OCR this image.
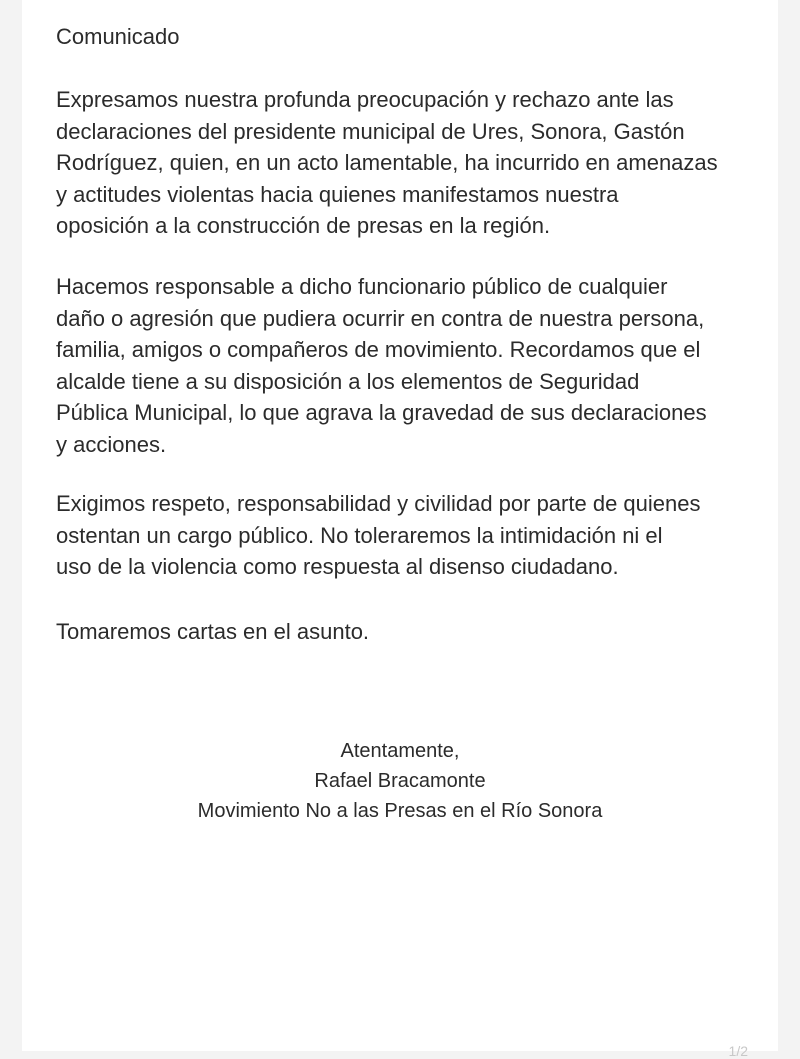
Comunicado

Expresamos nuestra profunda preocupación y rechazo ante las
declaraciones del presidente municipal de Ures, Sonora, Gastón
Rodríguez, quien, en un acto lamentable, ha incurrido en amenazas
y actitudes violentas hacia quienes manifestamos nuestra
oposición a la construcción de presas en la región.

Hacemos responsable a dicho funcionario público de cualquier
daño o agresión que pudiera ocurrir en contra de nuestra persona,
familia, amigos o compañeros de movimiento. Recordamos que el
alcalde tiene a su disposición a los elementos de Seguridad
Pública Municipal, lo que agrava la gravedad de sus declaraciones
y acciones.

Exigimos respeto, responsabilidad y civilidad por parte de quienes
ostentan un cargo público. No toleraremos la intimidación ni el
uso de la violencia como respuesta al disenso ciudadano.

Tomaremos cartas en el asunto.

Atentamente,
Rafael Bracamonte
Movimiento No a las Presas en el Río Sonora
1/2
